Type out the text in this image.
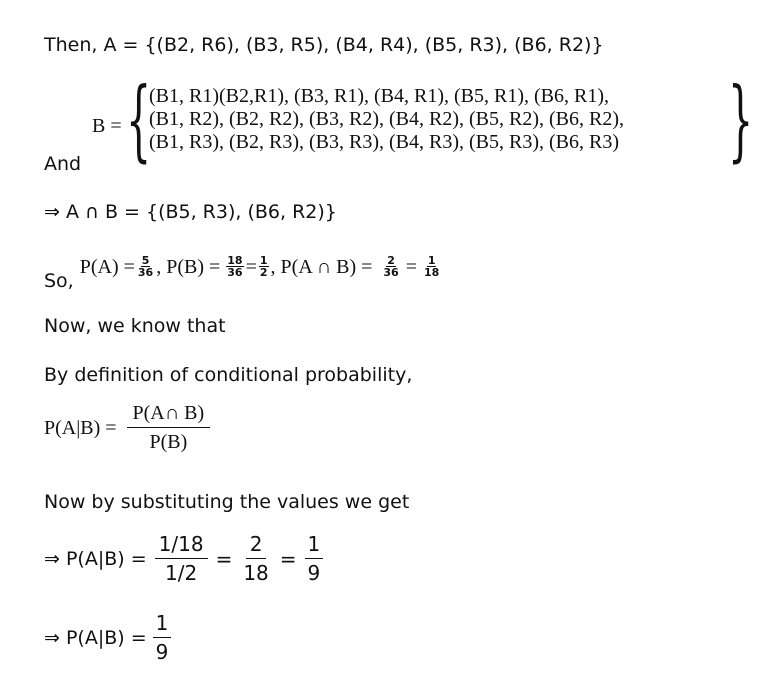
Then, A = {(B2, R6), (B3, R5), (B4, R4), (B5, R3), (B6, R2)}
B = {
(B1, R1)(B2,R1), (B3, R1), (B4, R1), (B5, R1), (B6, R1),
(B1, R2), (B2, R2), (B3, R2), (B4, R2), (B5, R2), (B6, R2),
(B1, R3), (B2, R3), (B3, R3), (B4, R3), (B5, R3), (B6, R3) }
And
⇒ A ∩ B = {(B5, R3), (B6, R2)}
So,
$P(A) = \frac{5}{36}$ , $P(B) = \frac{18}{36} = \frac{1}{2}$ , P(A ∩ $B) = \frac{2}{36} = \frac{1}{18}$
Now, we know that
By definition of conditional probability,
$P(A|B) = \frac{P(A\cap B)}{P(B)}$
Now by substituting the values we get
⇒ $P(A|B) = \frac{1/18}{1/2} = \frac{2}{18} = \frac{1}{9}$
⇒ $P(A|B) = \frac{1}{9}$
